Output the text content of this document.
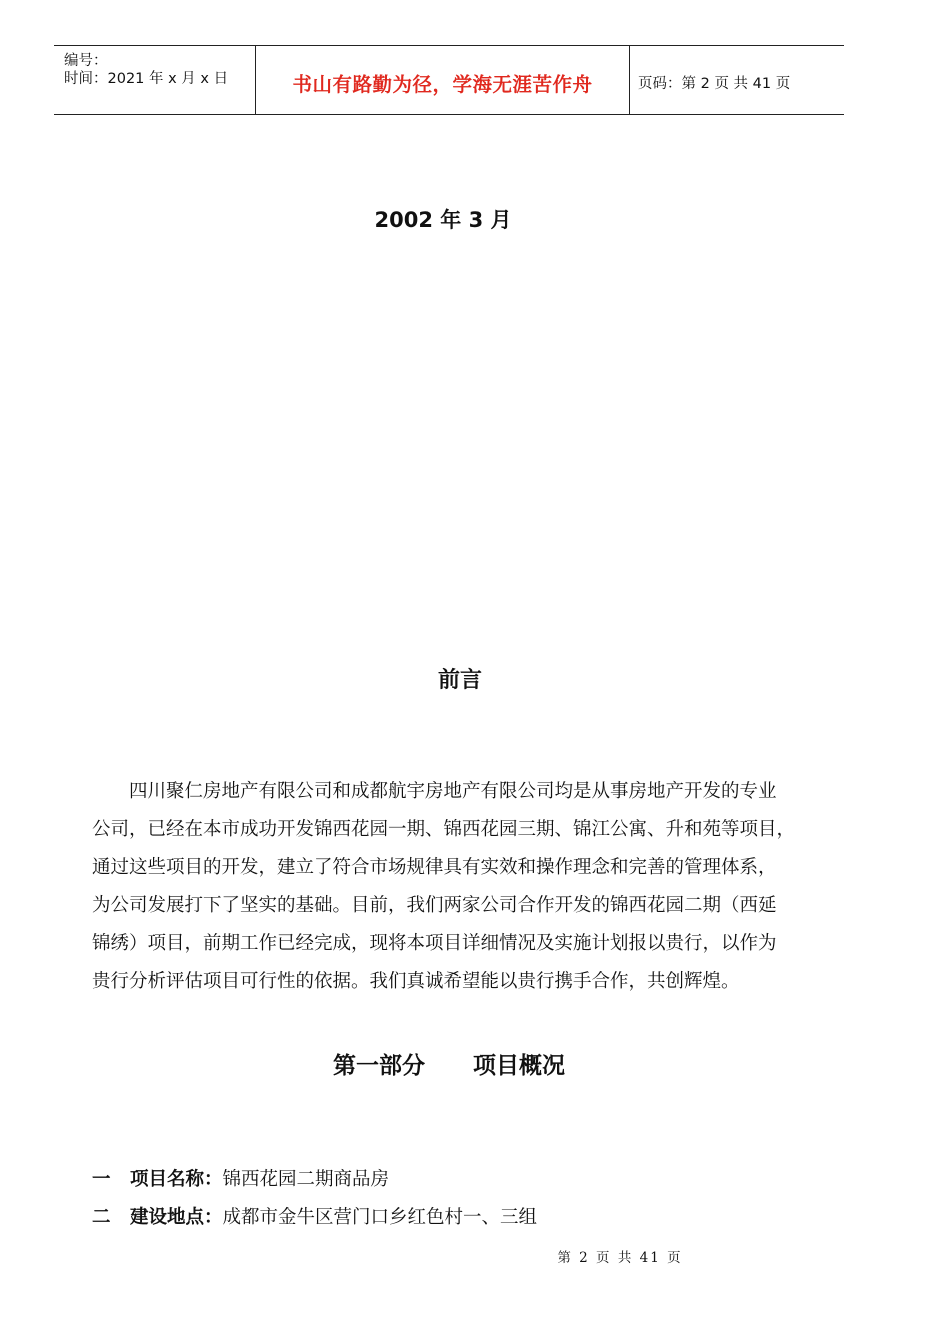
编号：
时间：2021 年 x 月 x 日	书山有路勤为径，学海无涯苦作舟	页码：第 2 页 共 41 页
2002 年 3 月
前言

四川聚仁房地产有限公司和成都航宇房地产有限公司均是从事房地产开发的专业
公司，已经在本市成功开发锦西花园一期、锦西花园三期、锦江公寓、升和苑等项目，
通过这些项目的开发，建立了符合市场规律具有实效和操作理念和完善的管理体系，
为公司发展打下了坚实的基础。目前，我们两家公司合作开发的锦西花园二期（西延
锦绣）项目，前期工作已经完成，现将本项目详细情况及实施计划报以贵行，以作为
贵行分析评估项目可行性的依据。我们真诚希望能以贵行携手合作，共创辉煌。

第一部分      项目概况
一 项目名称：锦西花园二期商品房
二 建设地点：成都市金牛区营门口乡红色村一、三组
第 2 页 共 41 页
